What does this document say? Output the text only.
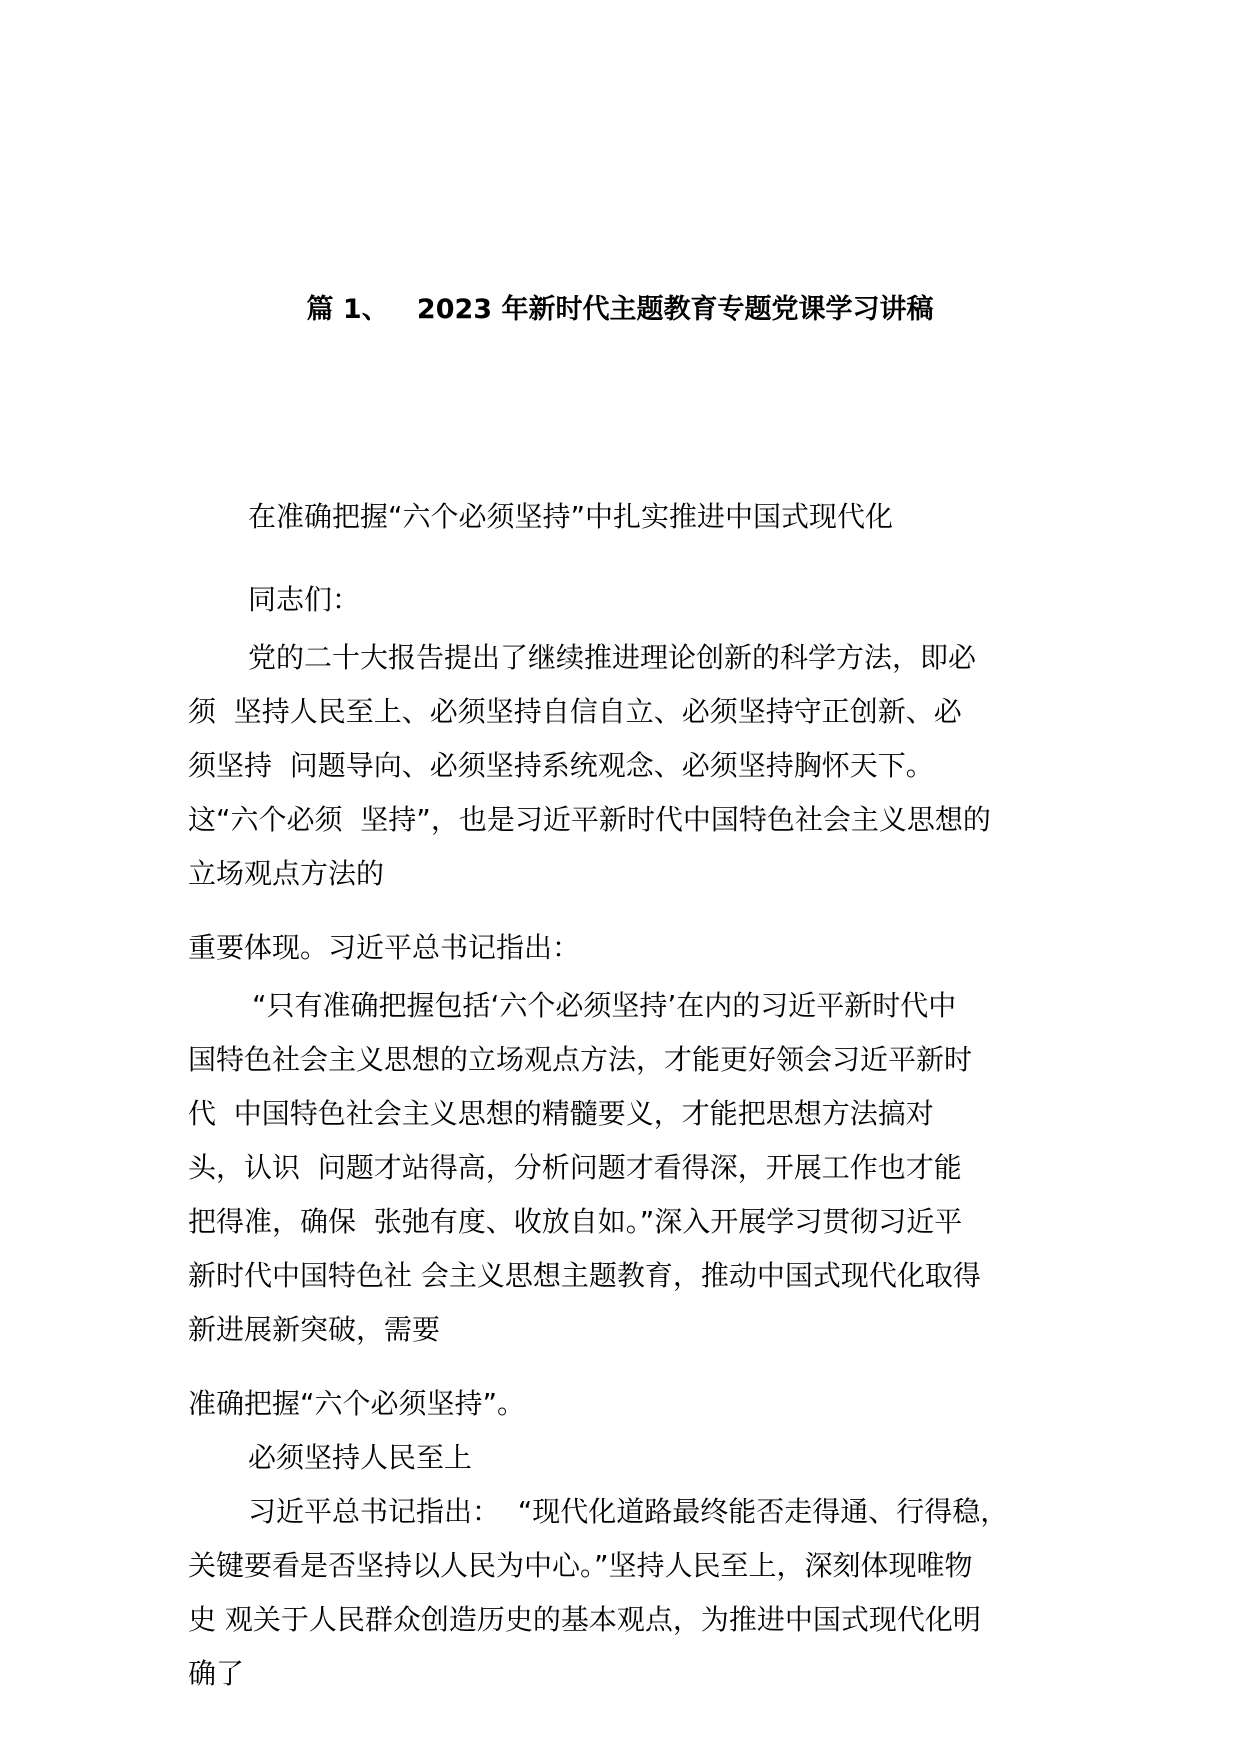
篇 1、   2023 年新时代主题教育专题党课学习讲稿
在准确把握“六个必须坚持”中扎实推进中国式现代化
同志们：
党的二十大报告提出了继续推进理论创新的科学方法，即必
须  坚持人民至上、必须坚持自信自立、必须坚持守正创新、必
须坚持  问题导向、必须坚持系统观念、必须坚持胸怀天下。
这“六个必须  坚持”，也是习近平新时代中国特色社会主义思想的
立场观点方法的
重要体现。习近平总书记指出：
“只有准确把握包括‘六个必须坚持’在内的习近平新时代中
国特色社会主义思想的立场观点方法，才能更好领会习近平新时
代  中国特色社会主义思想的精髓要义，才能把思想方法搞对
头，认识  问题才站得高，分析问题才看得深，开展工作也才能
把得准，确保  张弛有度、收放自如。”深入开展学习贯彻习近平
新时代中国特色社 会主义思想主题教育，推动中国式现代化取得
新进展新突破，需要
准确把握“六个必须坚持”。
必须坚持人民至上
习近平总书记指出：  “现代化道路最终能否走得通、行得稳，
关键要看是否坚持以人民为中心。”坚持人民至上，深刻体现唯物
史 观关于人民群众创造历史的基本观点，为推进中国式现代化明
确了
